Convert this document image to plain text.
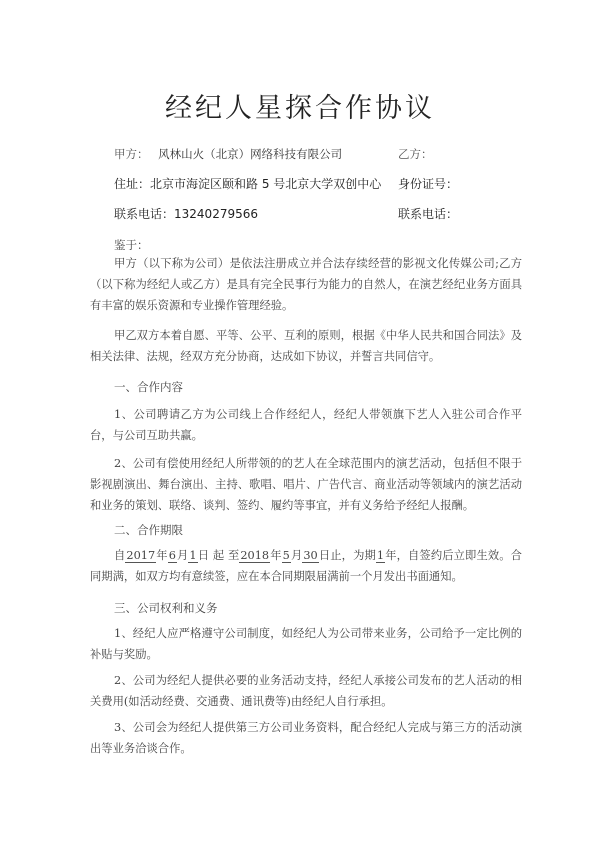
经纪人星探合作协议
甲方： 风林山火（北京）网络科技有限公司	乙方：
住址：北京市海淀区颐和路 5 号北京大学双创中心 身份证号：
联系电话：13240279566	联系电话：
鉴于：

甲方（以下称为公司）是依法注册成立并合法存续经营的影视文化传媒公司;乙方（以下称为经纪人或乙方）是具有完全民事行为能力的自然人，在演艺经纪业务方面具有丰富的娱乐资源和专业操作管理经验。

甲乙双方本着自愿、平等、公平、互利的原则，根据《中华人民共和国合同法》及相关法律、法规，经双方充分协商，达成如下协议，并誓言共同信守。

一、合作内容

1、公司聘请乙方为公司线上合作经纪人，经纪人带领旗下艺人入驻公司合作平台，与公司互助共赢。

2、公司有偿使用经纪人所带领的的艺人在全球范围内的演艺活动，包括但不限于影视剧演出、舞台演出、主持、歌唱、唱片、广告代言、商业活动等领域内的演艺活动和业务的策划、联络、谈判、签约、履约等事宜，并有义务给予经纪人报酬。

二、合作期限

自2017年6月1日 起 至2018年5月30日止，为期1年，自签约后立即生效。合同期满，如双方均有意续签，应在本合同期限届满前一个月发出书面通知。

三、公司权利和义务

1、经纪人应严格遵守公司制度，如经纪人为公司带来业务，公司给予一定比例的补贴与奖励。

2、公司为经纪人提供必要的业务活动支持，经纪人承接公司发布的艺人活动的相关费用(如活动经费、交通费、通讯费等)由经纪人自行承担。

3、公司会为经纪人提供第三方公司业务资料，配合经纪人完成与第三方的活动演出等业务洽谈合作。
